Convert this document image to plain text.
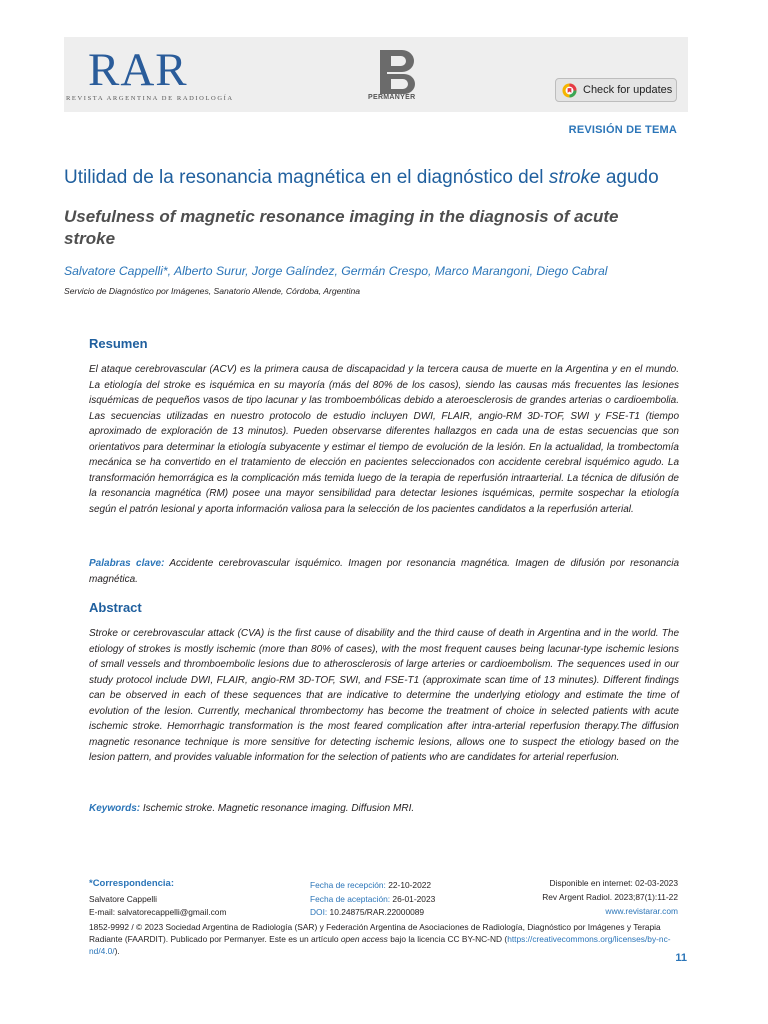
RAR
REVISTA ARGENTINA DE RADIOLOGÍA	PERMANYER
Check for updates
REVISIÓN DE TEMA
Utilidad de la resonancia magnética en el diagnóstico del stroke agudo
Usefulness of magnetic resonance imaging in the diagnosis of acute stroke
Salvatore Cappelli*, Alberto Surur, Jorge Galíndez, Germán Crespo, Marco Marangoni, Diego Cabral
Servicio de Diagnóstico por Imágenes, Sanatorio Allende, Córdoba, Argentina
Resumen
El ataque cerebrovascular (ACV) es la primera causa de discapacidad y la tercera causa de muerte en la Argentina y en el mundo. La etiología del stroke es isquémica en su mayoría (más del 80% de los casos), siendo las causas más frecuentes las lesiones isquémicas de pequeños vasos de tipo lacunar y las tromboembólicas debido a ateroesclerosis de grandes arterias o cardioembolia. Las secuencias utilizadas en nuestro protocolo de estudio incluyen DWI, FLAIR, angio-RM 3D-TOF, SWI y FSE-T1 (tiempo aproximado de exploración de 13 minutos). Pueden observarse diferentes hallazgos en cada una de estas secuencias que son orientativos para determinar la etiología subyacente y estimar el tiempo de evolución de la lesión. En la actualidad, la trombectomía mecánica se ha convertido en el tratamiento de elección en pacientes seleccionados con accidente cerebral isquémico agudo. La transformación hemorrágica es la complicación más temida luego de la terapia de reperfusión intraarterial. La técnica de difusión de la resonancia magnética (RM) posee una mayor sensibilidad para detectar lesiones isquémicas, permite sospechar la etiología según el patrón lesional y aporta información valiosa para la selección de los pacientes candidatos a la reperfusión arterial.
Palabras clave: Accidente cerebrovascular isquémico. Imagen por resonancia magnética. Imagen de difusión por resonancia magnética.
Abstract
Stroke or cerebrovascular attack (CVA) is the first cause of disability and the third cause of death in Argentina and in the world. The etiology of strokes is mostly ischemic (more than 80% of cases), with the most frequent causes being lacunar-type ischemic lesions of small vessels and thromboembolic lesions due to atherosclerosis of large arteries or cardioembolism. The sequences used in our study protocol include DWI, FLAIR, angio-RM 3D-TOF, SWI, and FSE-T1 (approximate scan time of 13 minutes). Different findings can be observed in each of these sequences that are indicative to determine the underlying etiology and estimate the time of evolution of the lesion. Currently, mechanical thrombectomy has become the treatment of choice in selected patients with acute ischemic stroke. Hemorrhagic transformation is the most feared complication after intra-arterial reperfusion therapy.The diffusion magnetic resonance technique is more sensitive for detecting ischemic lesions, allows one to suspect the etiology based on the lesion pattern, and provides valuable information for the selection of patients who are candidates for arterial reperfusion.
Keywords: Ischemic stroke. Magnetic resonance imaging. Diffusion MRI.
*Correspondencia:
Salvatore Cappelli
E-mail: salvatorecappelli@gmail.com
Fecha de recepción: 22-10-2022
Fecha de aceptación: 26-01-2023
DOI: 10.24875/RAR.22000089
Disponible en internet: 02-03-2023
Rev Argent Radiol. 2023;87(1):11-22
www.revistarar.com
1852-9992 / © 2023 Sociedad Argentina de Radiología (SAR) y Federación Argentina de Asociaciones de Radiología, Diagnóstico por Imágenes y Terapia Radiante (FAARDIT). Publicado por Permanyer. Este es un artículo open access bajo la licencia CC BY-NC-ND (https://creativecommons.org/licenses/by-nc-nd/4.0/).
11
